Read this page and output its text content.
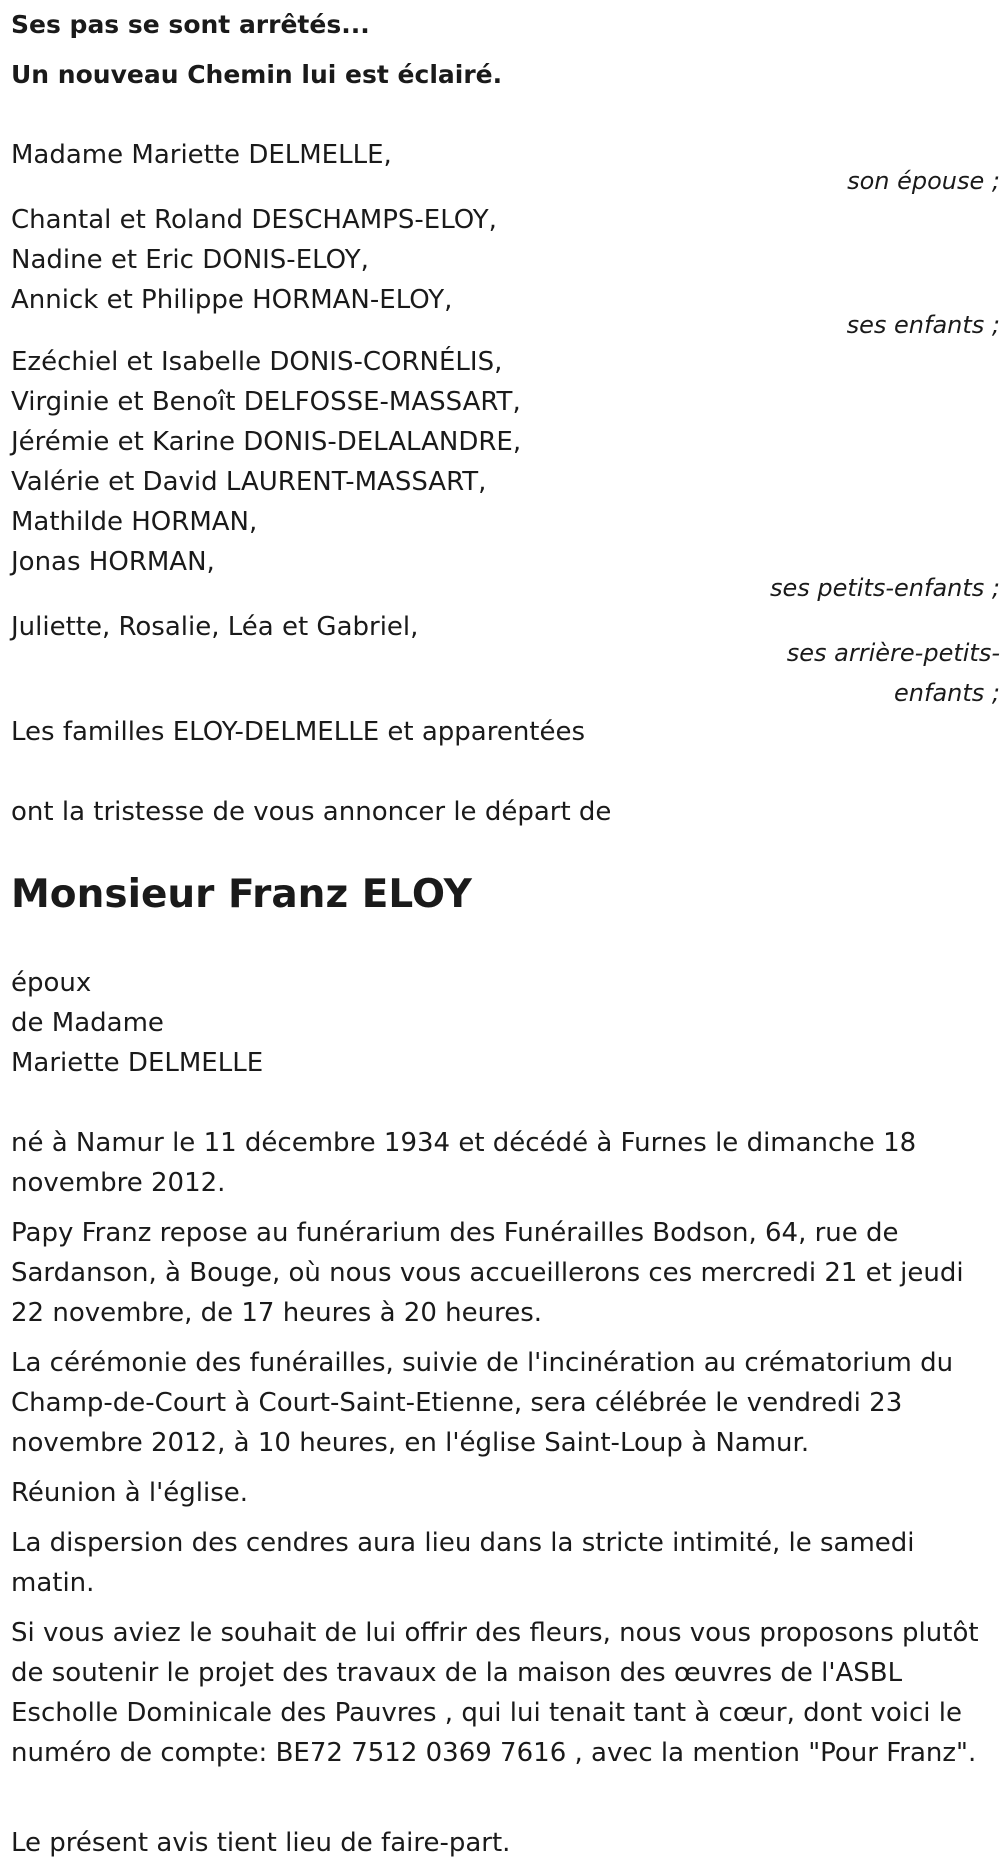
Ses pas se sont arrêtés...
Un nouveau Chemin lui est éclairé.
Madame Mariette DELMELLE,
son épouse ;
Chantal et Roland DESCHAMPS-ELOY,
Nadine et Eric DONIS-ELOY,
Annick et Philippe HORMAN-ELOY,
ses enfants ;
Ezéchiel et Isabelle DONIS-CORNÉLIS,
Virginie et Benoît DELFOSSE-MASSART,
Jérémie et Karine DONIS-DELALANDRE,
Valérie et David LAURENT-MASSART,
Mathilde HORMAN,
Jonas HORMAN,
ses petits-enfants ;
Juliette, Rosalie, Léa et Gabriel,
ses arrière-petits-
enfants ;
Les familles ELOY-DELMELLE et apparentées
ont la tristesse de vous annoncer le départ de
Monsieur Franz ELOY
époux
de Madame
Mariette DELMELLE
né à Namur le 11 décembre 1934 et décédé à Furnes le dimanche 18 novembre 2012.
Papy Franz repose au funérarium des Funérailles Bodson, 64, rue de Sardanson, à Bouge, où nous vous accueillerons ces mercredi 21 et jeudi 22 novembre, de 17 heures à 20 heures.
La cérémonie des funérailles, suivie de l'incinération au crématorium du Champ-de-Court à Court-Saint-Etienne, sera célébrée le vendredi 23 novembre 2012, à 10 heures, en l'église Saint-Loup à Namur.
Réunion à l'église.
La dispersion des cendres aura lieu dans la stricte intimité, le samedi matin.
Si vous aviez le souhait de lui offrir des fleurs, nous vous proposons plutôt de soutenir le projet des travaux de la maison des œuvres de l'ASBL Escholle Dominicale des Pauvres , qui lui tenait tant à cœur, dont voici le numéro de compte: BE72 7512 0369 7616 , avec la mention "Pour Franz".
Le présent avis tient lieu de faire-part.
